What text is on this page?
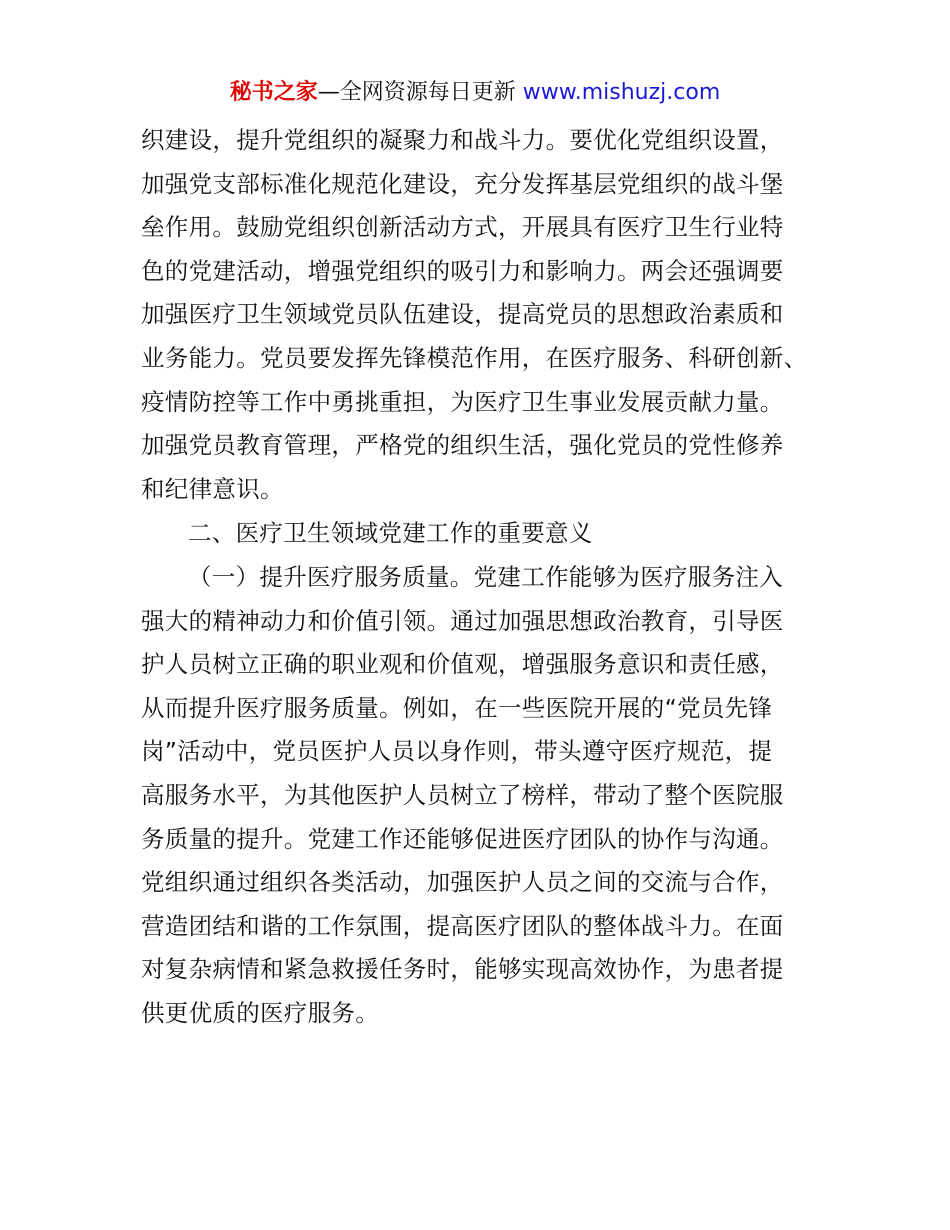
秘书之家—全网资源每日更新 www.mishuzj.com
织建设，提升党组织的凝聚力和战斗力。要优化党组织设置，
加强党支部标准化规范化建设，充分发挥基层党组织的战斗堡
垒作用。鼓励党组织创新活动方式，开展具有医疗卫生行业特
色的党建活动，增强党组织的吸引力和影响力。两会还强调要
加强医疗卫生领域党员队伍建设，提高党员的思想政治素质和
业务能力。党员要发挥先锋模范作用，在医疗服务、科研创新、
疫情防控等工作中勇挑重担，为医疗卫生事业发展贡献力量。
加强党员教育管理，严格党的组织生活，强化党员的党性修养
和纪律意识。
二、医疗卫生领域党建工作的重要意义
（一）提升医疗服务质量。党建工作能够为医疗服务注入
强大的精神动力和价值引领。通过加强思想政治教育，引导医
护人员树立正确的职业观和价值观，增强服务意识和责任感，
从而提升医疗服务质量。例如，在一些医院开展的“党员先锋
岗”活动中，党员医护人员以身作则，带头遵守医疗规范，提
高服务水平，为其他医护人员树立了榜样，带动了整个医院服
务质量的提升。党建工作还能够促进医疗团队的协作与沟通。
党组织通过组织各类活动，加强医护人员之间的交流与合作，
营造团结和谐的工作氛围，提高医疗团队的整体战斗力。在面
对复杂病情和紧急救援任务时，能够实现高效协作，为患者提
供更优质的医疗服务。
